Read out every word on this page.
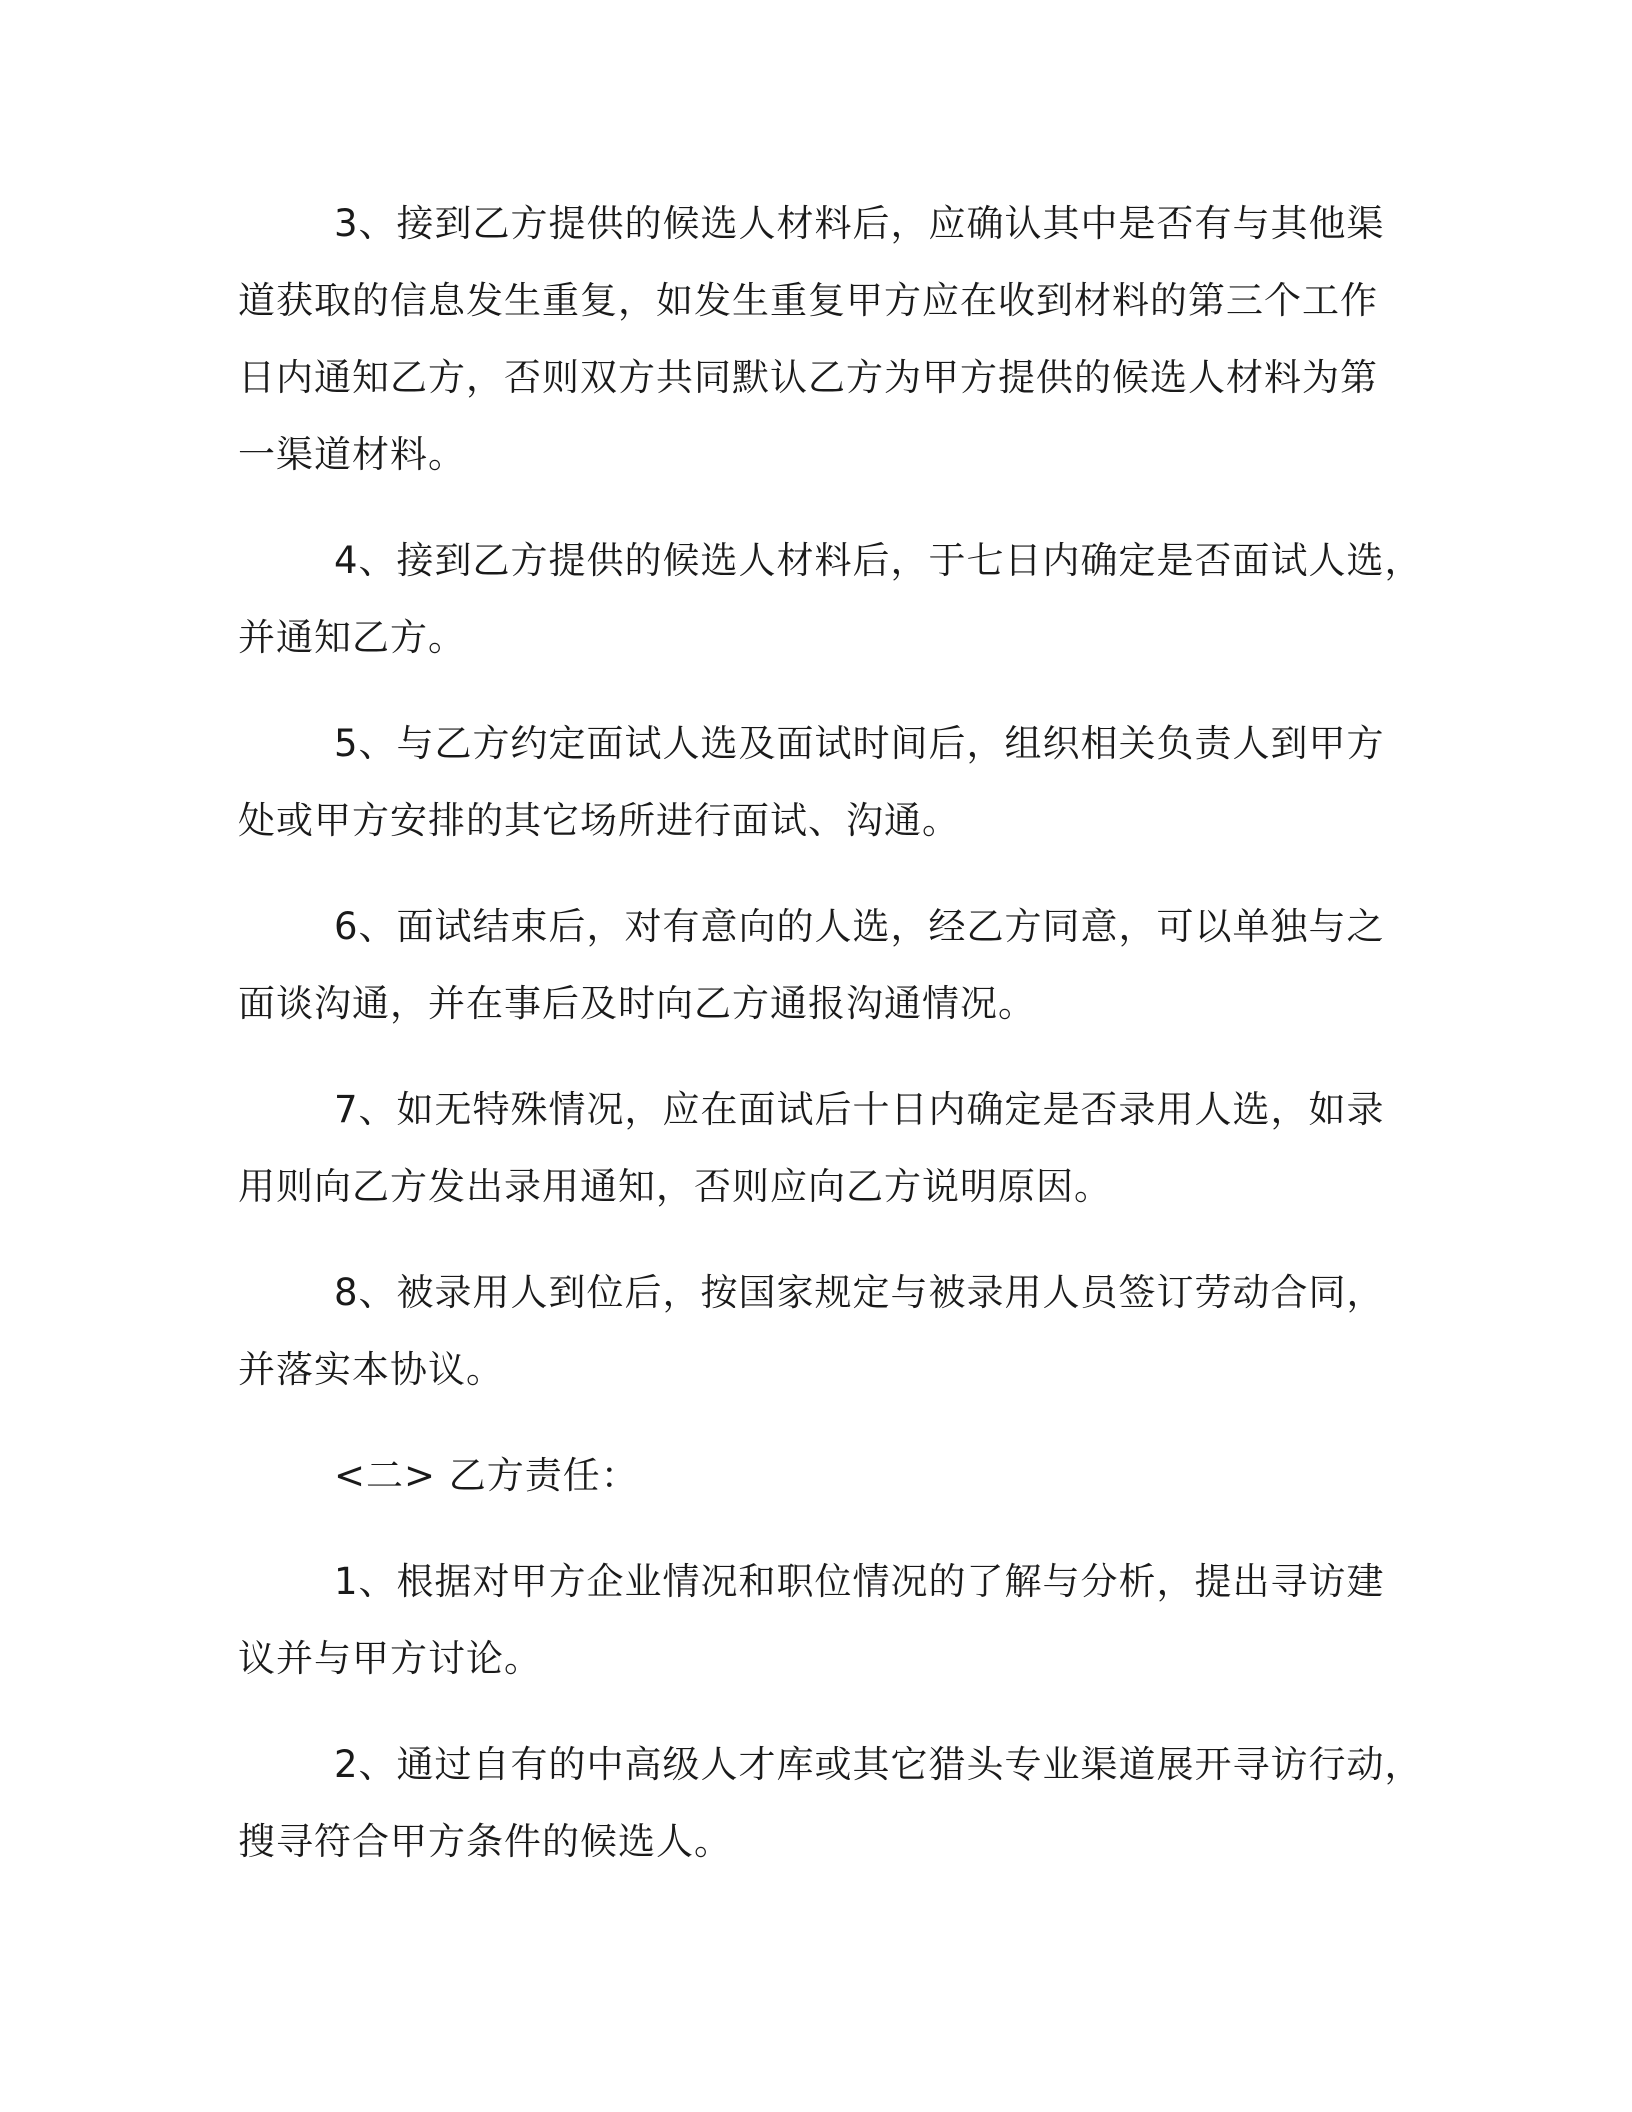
3、接到乙方提供的候选人材料后，应确认其中是否有与其他渠
道获取的信息发生重复，如发生重复甲方应在收到材料的第三个工作
日内通知乙方，否则双方共同默认乙方为甲方提供的候选人材料为第
一渠道材料。

4、接到乙方提供的候选人材料后，于七日内确定是否面试人选，
并通知乙方。

5、与乙方约定面试人选及面试时间后，组织相关负责人到甲方
处或甲方安排的其它场所进行面试、沟通。

6、面试结束后，对有意向的人选，经乙方同意，可以单独与之
面谈沟通，并在事后及时向乙方通报沟通情况。

7、如无特殊情况，应在面试后十日内确定是否录用人选，如录
用则向乙方发出录用通知，否则应向乙方说明原因。

8、被录用人到位后，按国家规定与被录用人员签订劳动合同，
并落实本协议。

<二> 乙方责任：

1、根据对甲方企业情况和职位情况的了解与分析，提出寻访建
议并与甲方讨论。

2、通过自有的中高级人才库或其它猎头专业渠道展开寻访行动，
搜寻符合甲方条件的候选人。
